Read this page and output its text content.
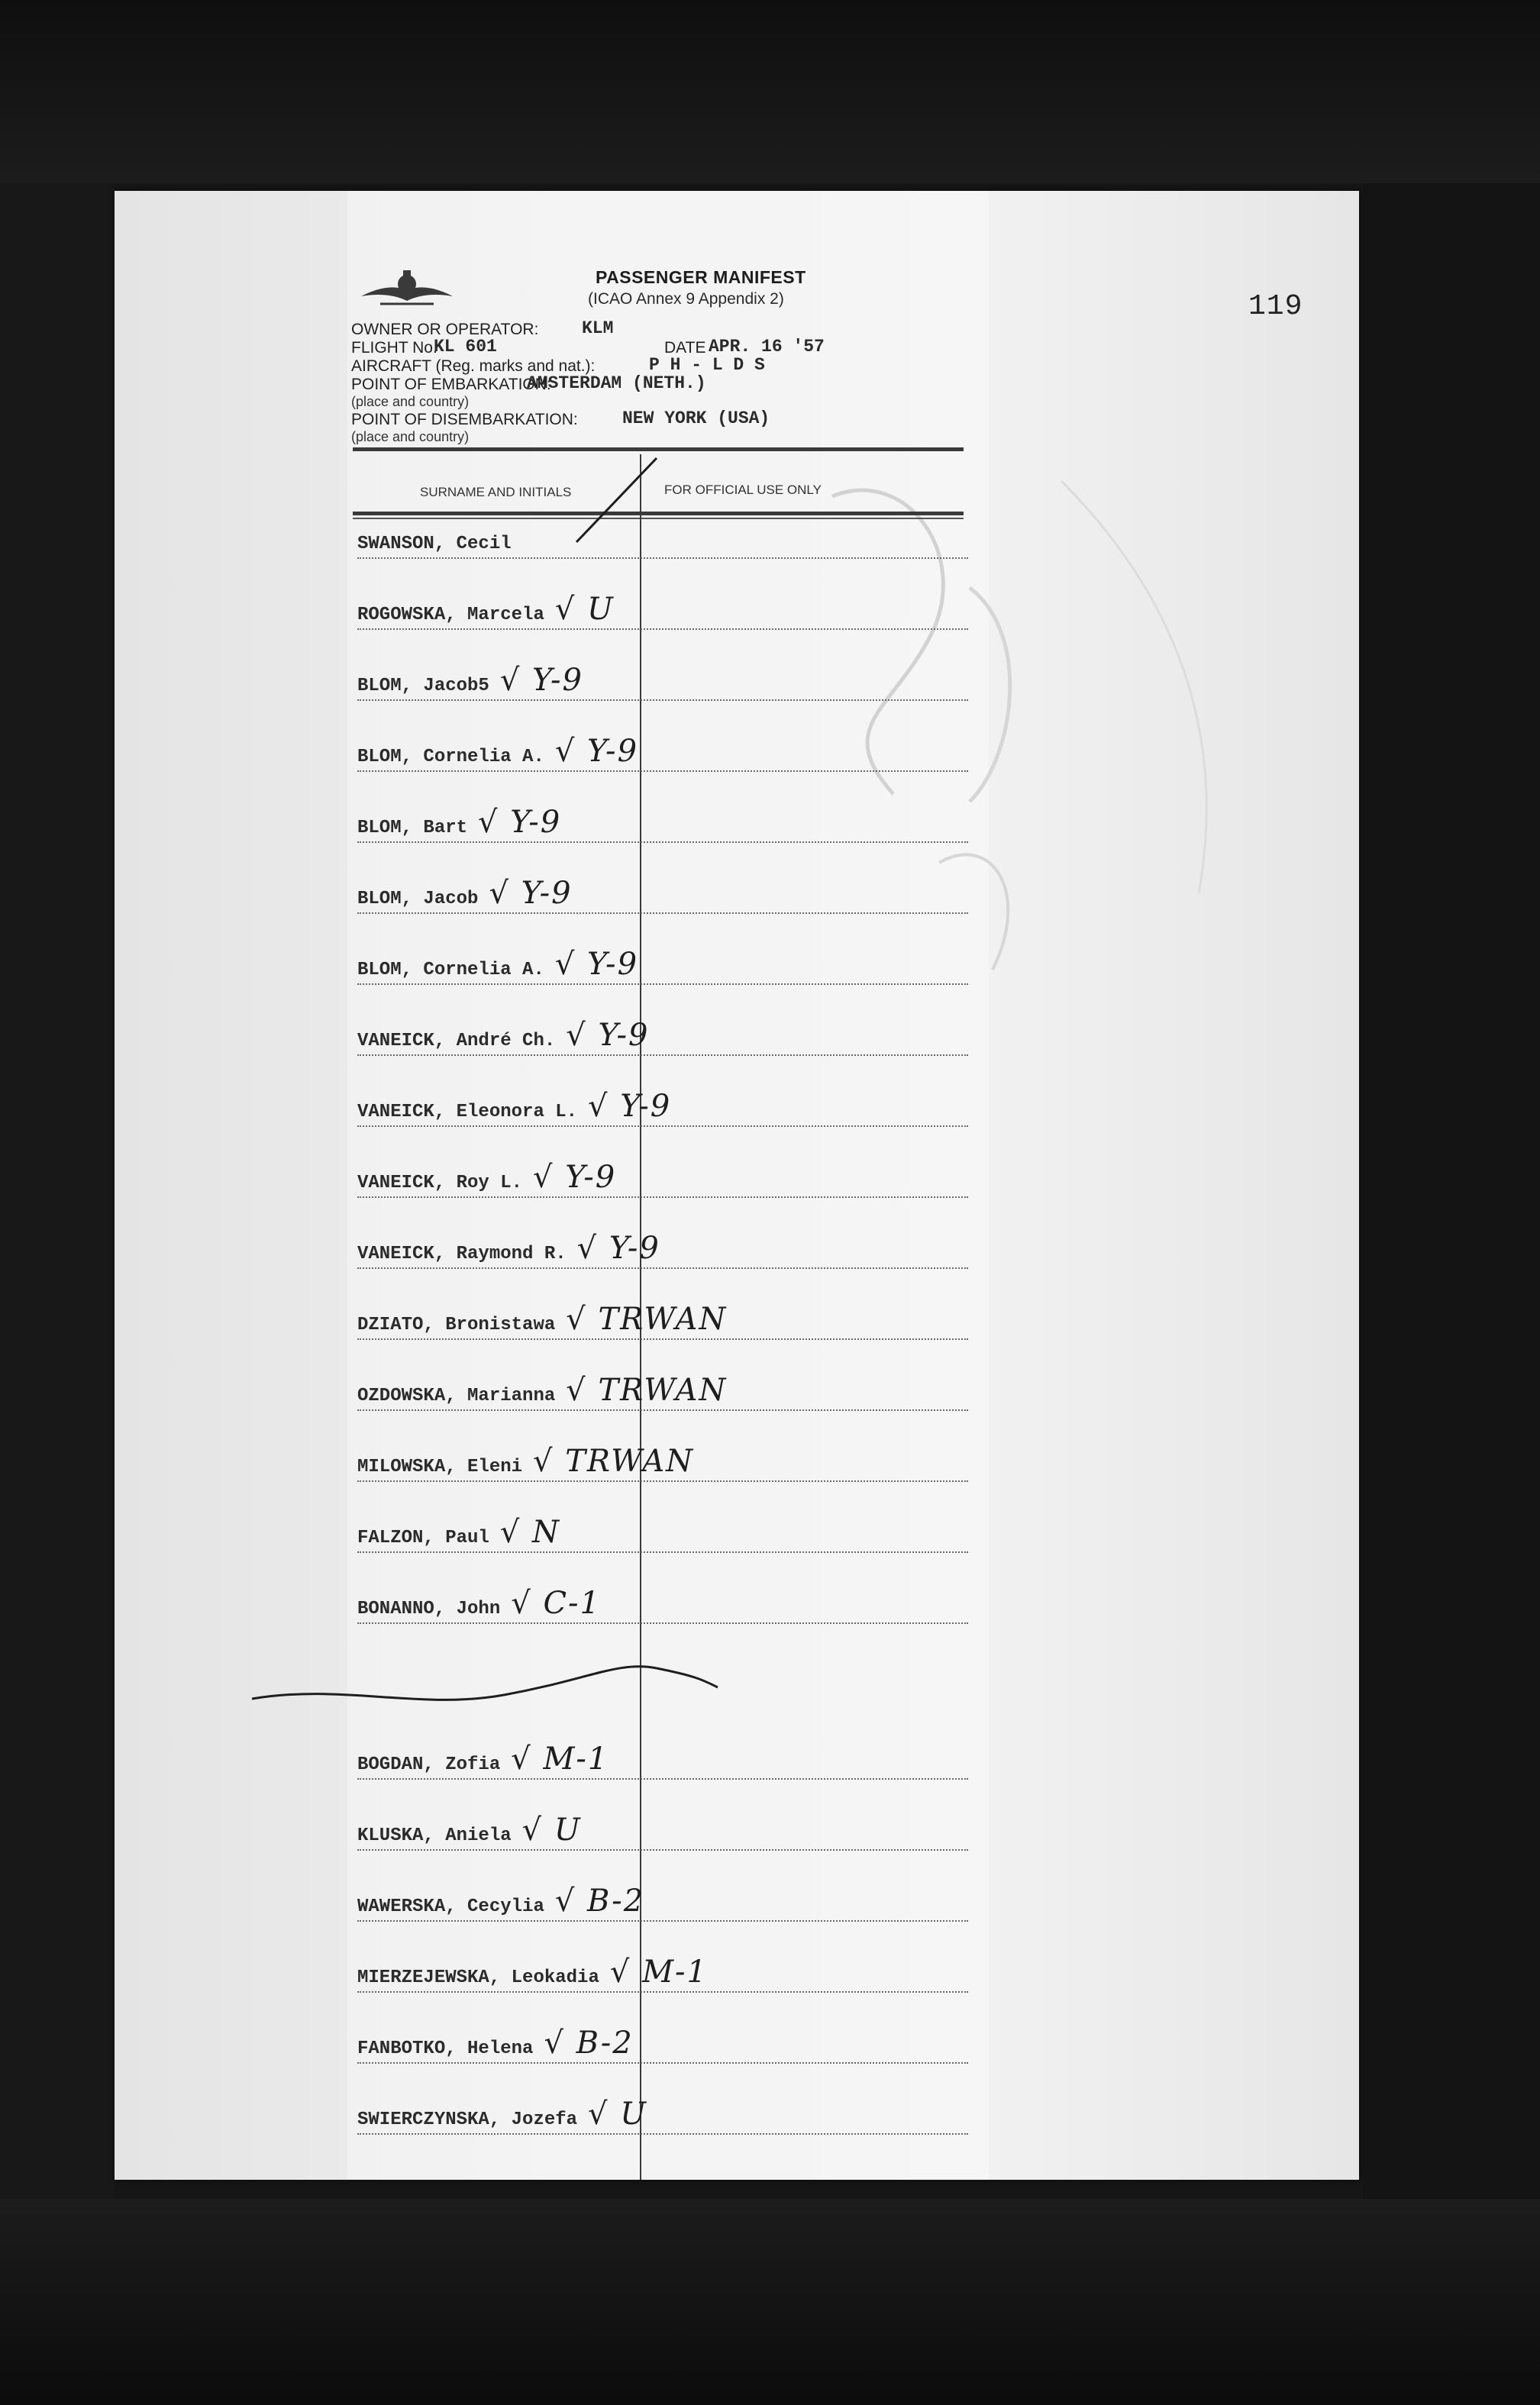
119
PASSENGER MANIFEST
(ICAO Annex 9 Appendix 2)
OWNER OR OPERATOR: KLM
FLIGHT No.
KL 601	DATE APR. 16 '57
AIRCRAFT (Reg. marks and nat.):	P H - L D S
POINT OF EMBARKATION:
AMSTERDAM (NETH.)
(place and country)
POINT OF DISEMBARKATION:	NEW YORK (USA)
(place and country)
SURNAME AND INITIALS	FOR OFFICIAL USE ONLY
SWANSON, Cecil
ROGOWSKA, Marcela √ U
BLOM, Jacob5 √ Y-9
BLOM, Cornelia A. √ Y-9
BLOM, Bart √ Y-9
BLOM, Jacob √ Y-9
BLOM, Cornelia A. √ Y-9
VANEICK, André Ch. √ Y-9
VANEICK, Eleonora L. √ Y-9
VANEICK, Roy L. √ Y-9
VANEICK, Raymond R. √ Y-9
DZIATO, Bronistawa √ TRWAN
OZDOWSKA, Marianna √ TRWAN
MILOWSKA, Eleni √ TRWAN
FALZON, Paul √ N
BONANNO, John √ C-1
BOGDAN, Zofia √ M-1
KLUSKA, Aniela √ U
WAWERSKA, Cecylia √ B-2
MIERZEJEWSKA, Leokadia √ M-1
FANBOTKO, Helena √ B-2
SWIERCZYNSKA, Jozefa √ U
